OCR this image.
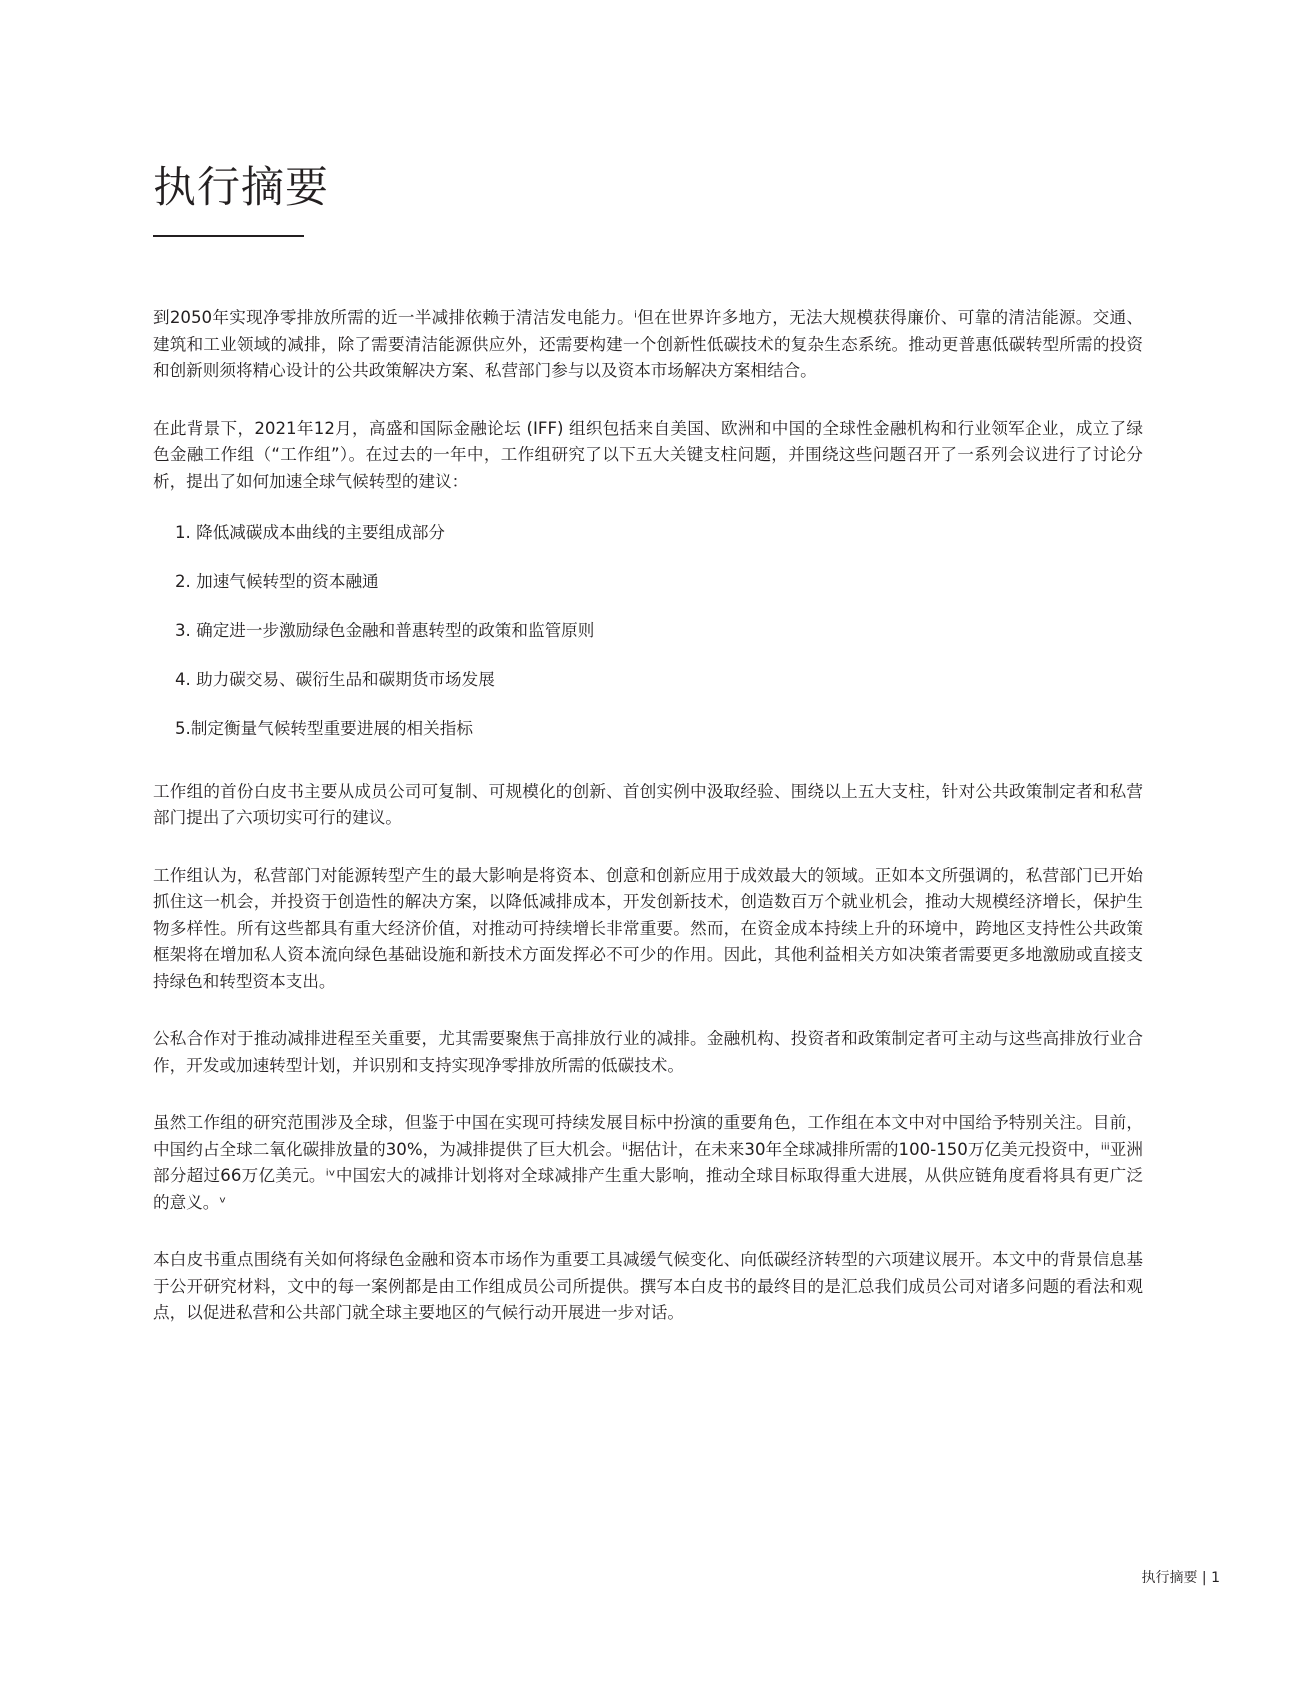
执行摘要

到2050年实现净零排放所需的近一半减排依赖于清洁发电能力。ⁱ但在世界许多地方，无法大规模获得廉价、可靠的清洁能源。交通、建筑和工业领域的减排，除了需要清洁能源供应外，还需要构建一个创新性低碳技术的复杂生态系统。推动更普惠低碳转型所需的投资和创新则须将精心设计的公共政策解决方案、私营部门参与以及资本市场解决方案相结合。

在此背景下，2021年12月，高盛和国际金融论坛 (IFF) 组织包括来自美国、欧洲和中国的全球性金融机构和行业领军企业，成立了绿色金融工作组（“工作组”）。在过去的一年中，工作组研究了以下五大关键支柱问题，并围绕这些问题召开了一系列会议进行了讨论分析，提出了如何加速全球气候转型的建议：

1. 降低减碳成本曲线的主要组成部分
2. 加速气候转型的资本融通
3. 确定进一步激励绿色金融和普惠转型的政策和监管原则
4. 助力碳交易、碳衍生品和碳期货市场发展
5.制定衡量气候转型重要进展的相关指标

工作组的首份白皮书主要从成员公司可复制、可规模化的创新、首创实例中汲取经验、围绕以上五大支柱，针对公共政策制定者和私营部门提出了六项切实可行的建议。

工作组认为，私营部门对能源转型产生的最大影响是将资本、创意和创新应用于成效最大的领域。正如本文所强调的，私营部门已开始抓住这一机会，并投资于创造性的解决方案，以降低减排成本，开发创新技术，创造数百万个就业机会，推动大规模经济增长，保护生物多样性。所有这些都具有重大经济价值，对推动可持续增长非常重要。然而，在资金成本持续上升的环境中，跨地区支持性公共政策框架将在增加私人资本流向绿色基础设施和新技术方面发挥必不可少的作用。因此，其他利益相关方如决策者需要更多地激励或直接支持绿色和转型资本支出。

公私合作对于推动减排进程至关重要，尤其需要聚焦于高排放行业的减排。金融机构、投资者和政策制定者可主动与这些高排放行业合作，开发或加速转型计划，并识别和支持实现净零排放所需的低碳技术。

虽然工作组的研究范围涉及全球，但鉴于中国在实现可持续发展目标中扮演的重要角色，工作组在本文中对中国给予特别关注。目前，中国约占全球二氧化碳排放量的30%，为减排提供了巨大机会。ⁱⁱ据估计，在未来30年全球减排所需的100-150万亿美元投资中，ⁱⁱⁱ亚洲部分超过66万亿美元。ⁱᵛ中国宏大的减排计划将对全球减排产生重大影响，推动全球目标取得重大进展，从供应链角度看将具有更广泛的意义。ᵛ

本白皮书重点围绕有关如何将绿色金融和资本市场作为重要工具减缓气候变化、向低碳经济转型的六项建议展开。本文中的背景信息基于公开研究材料，文中的每一案例都是由工作组成员公司所提供。撰写本白皮书的最终目的是汇总我们成员公司对诸多问题的看法和观点，以促进私营和公共部门就全球主要地区的气候行动开展进一步对话。

执行摘要 | 1
